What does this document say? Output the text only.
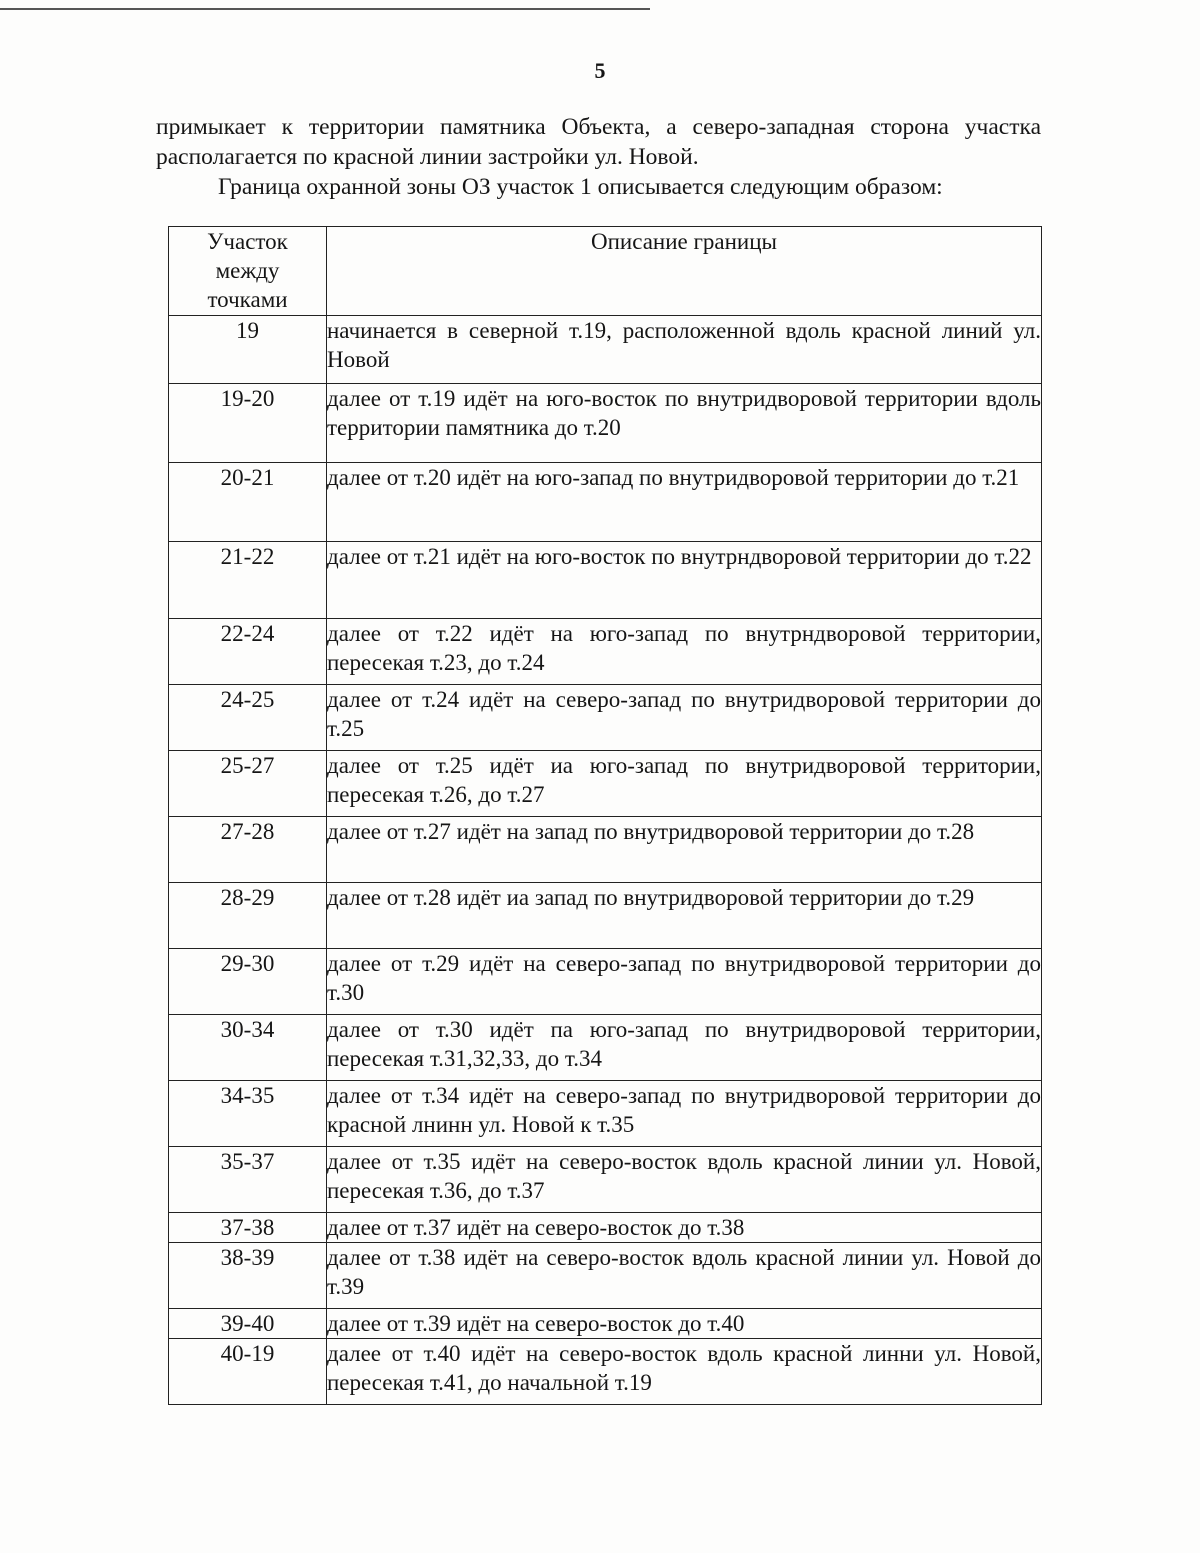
5

примыкает к территории памятника Объекта, а северо-западная сторона участка располагается по красной линии застройки ул. Новой.

Граница охранной зоны ОЗ участок 1 описывается следующим образом:

Участок
между
точками	Описание границы
19	начинается в северной т.19, расположенной вдоль красной линий ул. Новой
19-20	далее от т.19 идёт на юго-восток по внутридворовой территории вдоль территории памятника до т.20
20-21	далее от т.20 идёт на юго-запад по внутридворовой территории до т.21
21-22	далее от т.21 идёт на юго-восток по внутрндворовой территории до т.22
22-24	далее от т.22 идёт на юго-запад по внутрндворовой территории, пересекая т.23, до т.24
24-25	далее от т.24 идёт на северо-запад по внутридворовой территории до т.25
25-27	далее от т.25 идёт иа юго-запад по внутридворовой территории, пересекая т.26, до т.27
27-28	далее от т.27 идёт на запад по внутридворовой территории до т.28
28-29	далее от т.28 идёт иа запад по внутридворовой территории до т.29
29-30	далее от т.29 идёт на северо-запад по внутридворовой территории до т.30
30-34	далее от т.30 идёт па юго-запад по внутридворовой территории, пересекая т.31,32,33, до т.34
34-35	далее от т.34 идёт на северо-запад по внутридворовой территории до красной лнинн ул. Новой к т.35
35-37	далее от т.35 идёт на северо-восток вдоль красной линии ул. Новой, пересекая т.36, до т.37
37-38	далее от т.37 идёт на северо-восток до т.38
38-39	далее от т.38 идёт на северо-восток вдоль красной линии ул. Новой до т.39
39-40	далее от т.39 идёт на северо-восток до т.40
40-19	далее от т.40 идёт на северо-восток вдоль красной линни ул. Новой, пересекая т.41, до начальной т.19
